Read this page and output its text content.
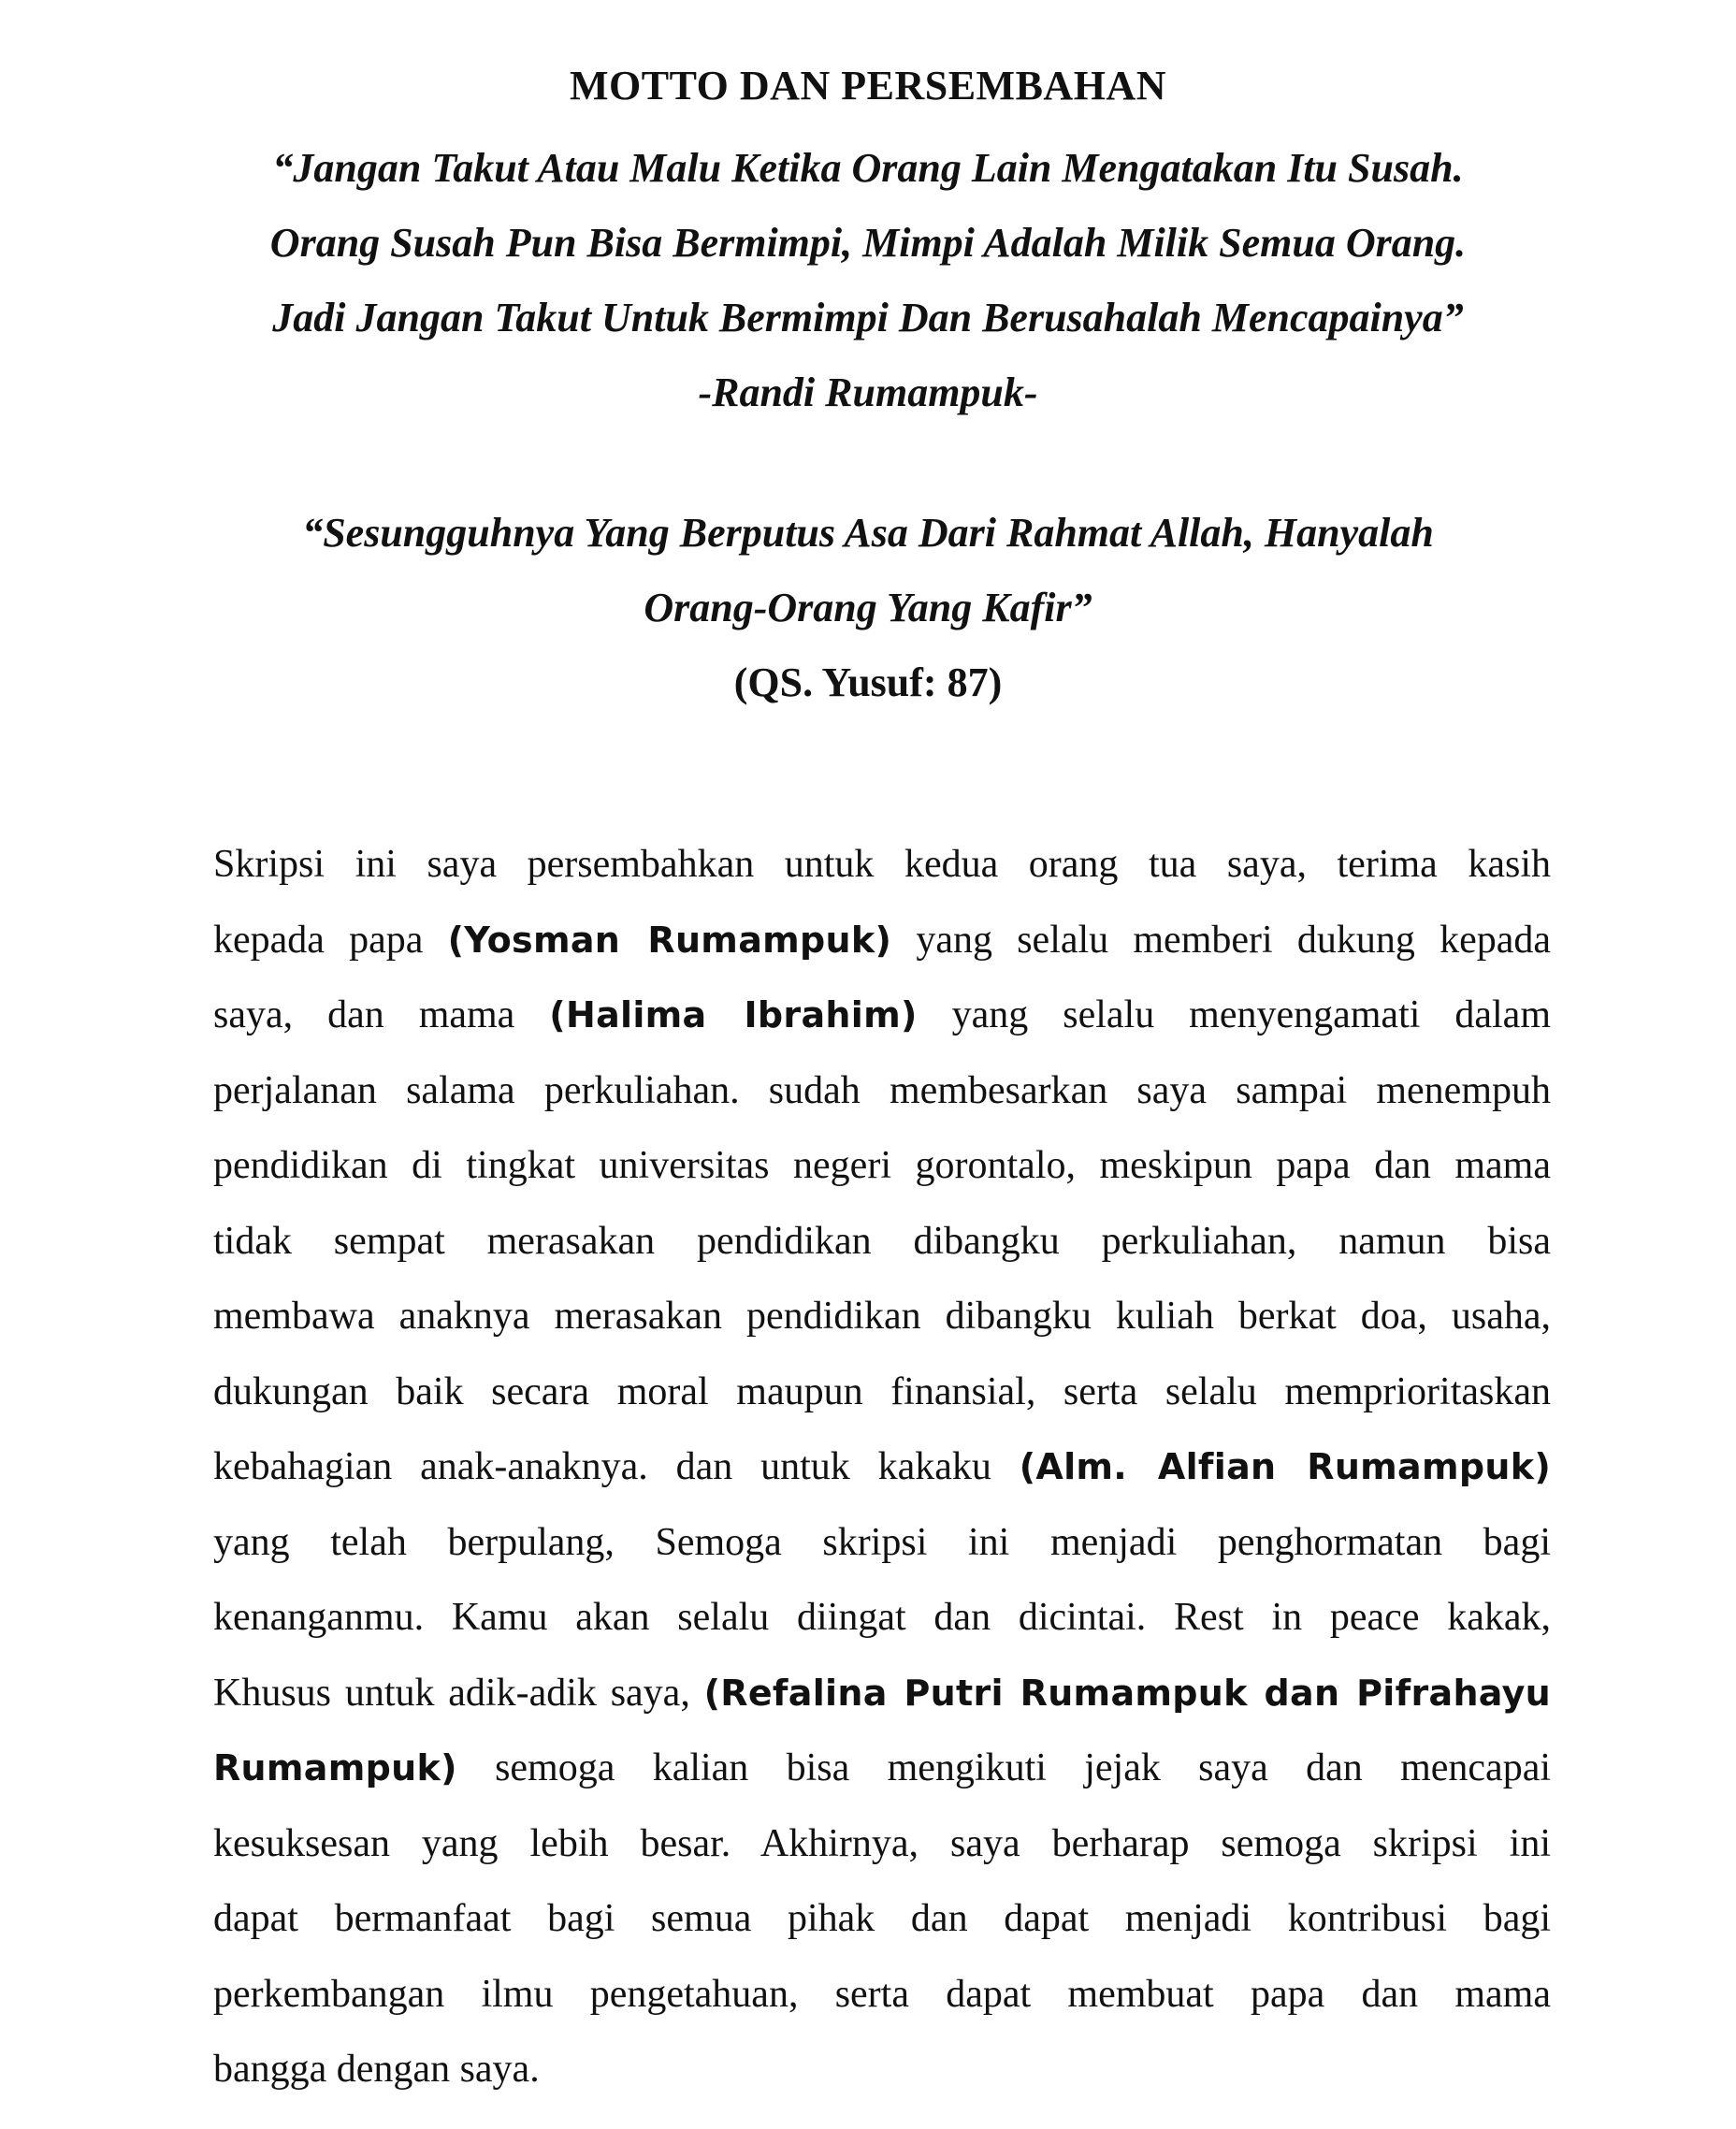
MOTTO DAN PERSEMBAHAN
“Jangan Takut Atau Malu Ketika Orang Lain Mengatakan Itu Susah.
Orang Susah Pun Bisa Bermimpi, Mimpi Adalah Milik Semua Orang.
Jadi Jangan Takut Untuk Bermimpi Dan Berusahalah Mencapainya”
-Randi Rumampuk-
“Sesungguhnya Yang Berputus Asa Dari Rahmat Allah, Hanyalah
Orang-Orang Yang Kafir”
(QS. Yusuf: 87)
Skripsi ini saya persembahkan untuk kedua orang tua saya, terima kasih
kepada papa (Yosman Rumampuk) yang selalu memberi dukung kepada
saya, dan mama (Halima Ibrahim) yang selalu menyengamati dalam
perjalanan salama perkuliahan. sudah membesarkan saya sampai menempuh
pendidikan di tingkat universitas negeri gorontalo, meskipun papa dan mama
tidak sempat merasakan pendidikan dibangku perkuliahan, namun bisa
membawa anaknya merasakan pendidikan dibangku kuliah berkat doa, usaha,
dukungan baik secara moral maupun finansial, serta selalu memprioritaskan
kebahagian anak-anaknya. dan untuk kakaku (Alm. Alfian Rumampuk)
yang telah berpulang, Semoga skripsi ini menjadi penghormatan bagi
kenanganmu. Kamu akan selalu diingat dan dicintai. Rest in peace kakak,
Khusus untuk adik-adik saya, (Refalina Putri Rumampuk dan Pifrahayu
Rumampuk) semoga kalian bisa mengikuti jejak saya dan mencapai
kesuksesan yang lebih besar. Akhirnya, saya berharap semoga skripsi ini
dapat bermanfaat bagi semua pihak dan dapat menjadi kontribusi bagi
perkembangan ilmu pengetahuan, serta dapat membuat papa dan mama
bangga dengan saya.
